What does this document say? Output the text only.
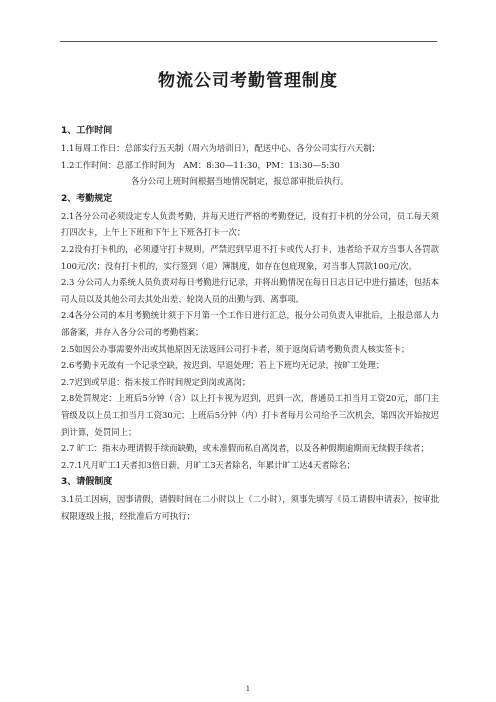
物流公司考勤管理制度
1、工作时间
1.1每周工作日：总部实行五天制（周六为培训日），配送中心、各分公司实行六天制；
1.2工作时间：总部工作时间为　AM：8:30—11:30，PM：13:30—5:30
各分公司上班时间根据当地情况制定，报总部审批后执行。
2、考勤规定
2.1各分公司必须设定专人负责考勤，并每天进行严格的考勤登记，设有打卡机的分公司，员工每天须打四次卡，上午上下班和下午上下班各打卡一次；
2.2设有打卡机的，必须遵守打卡规则，严禁迟到早退不打卡或代人打卡，违者给予双方当事人各罚款100元/次；没有打卡机的，实行签到（退）簿制度，如存在包庇现象，对当事人罚款100元/次。
2.3 分公司人力系统人员负责对每日考勤进行记录，并将出勤情况在每日日志日记中进行描述，包括本司人员以及其他公司去其处出差、轮岗人员的出勤与到、离事项。
2.4各分公司的本月考勤统计须于下月第一个工作日进行汇总，报分公司负责人审批后，上报总部人力部备案，并存入各分公司的考勤档案；
2.5如因公办事需要外出或其他原因无法返回公司打卡者，须于返岗后请考勤负责人核实签卡；
2.6考勤卡无故有一个记录空缺，按迟到、早退处理；若上下班均无记录，按旷工处理；
2.7迟到或早退：指未按工作时间规定到岗或离岗；
2.8处罚规定：上班后5分钟（含）以上打卡视为迟到，迟到一次，普通员工扣当月工资20元，部门主管级及以上员工扣当月工资30元；上班后5分钟（内）打卡者每月公司给予三次机会，第四次开始按迟到计算，处罚同上；
2.7 旷工：指未办理请假手续而缺勤，或未准假而私自离岗者，以及各种假期逾期而无续假手续者；
2.7.1凡月旷工1天者扣3倍日薪，月旷工3天者除名，年累计旷工达4天者除名；
3、请假制度
3.1员工因病，因事请假，请假时间在二小时以上（二小时），须事先填写《员工请假申请表》，按审批权限逐级上报，经批准后方可执行；
1
